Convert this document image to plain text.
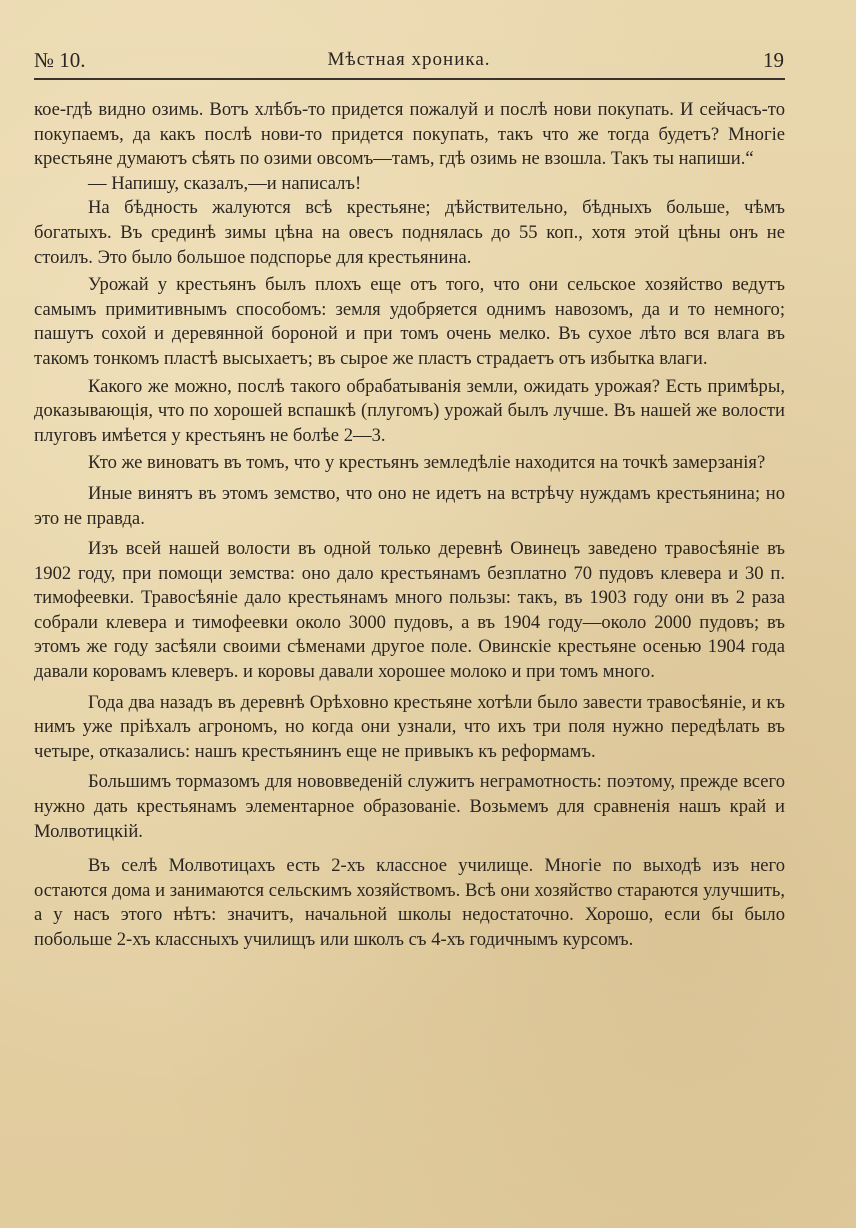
№ 10.	Мѣстная хроника.	19

кое-гдѣ видно озимь. Вотъ хлѣбъ-то придется пожалуй и послѣ нови покупать. И сейчасъ-то покупаемъ, да какъ послѣ нови-то придется покупать, такъ что же тогда будетъ? Многіе крестьяне думаютъ сѣять по озими овсомъ—тамъ, гдѣ озимь не взошла. Такъ ты напиши.“

— Напишу, сказалъ,—и написалъ!

На бѣдность жалуются всѣ крестьяне; дѣйствительно, бѣдныхъ больше, чѣмъ богатыхъ. Въ срединѣ зимы цѣна на овесъ поднялась до 55 коп., хотя этой цѣны онъ не стоилъ. Это было большое подспорье для крестьянина.

Урожай у крестьянъ былъ плохъ еще отъ того, что они сельское хозяйство ведутъ самымъ примитивнымъ способомъ: земля удобряется однимъ навозомъ, да и то немного; пашутъ сохой и деревянной бороной и при томъ очень мелко. Въ сухое лѣто вся влага въ такомъ тонкомъ пластѣ высыхаетъ; въ сырое же пластъ страдаетъ отъ избытка влаги.

Какого же можно, послѣ такого обрабатыванія земли, ожидать урожая? Есть примѣры, доказывающія, что по хорошей вспашкѣ (плугомъ) урожай былъ лучше. Въ нашей же волости плуговъ имѣется у крестьянъ не болѣе 2—3.

Кто же виноватъ въ томъ, что у крестьянъ земледѣліе находится на точкѣ замерзанія?

Иные винятъ въ этомъ земство, что оно не идетъ на встрѣчу нуждамъ крестьянина; но это не правда.

Изъ всей нашей волости въ одной только деревнѣ Овинецъ заведено травосѣяніе въ 1902 году, при помощи земства: оно дало крестьянамъ безплатно 70 пудовъ клевера и 30 п. тимофеевки. Травосѣяніе дало крестьянамъ много пользы: такъ, въ 1903 году они въ 2 раза собрали клевера и тимофеевки около 3000 пудовъ, а въ 1904 году—около 2000 пудовъ; въ этомъ же году засѣяли своими сѣменами другое поле. Овинскіе крестьяне осенью 1904 года давали коровамъ клеверъ. и коровы давали хорошее молоко и при томъ много.

Года два назадъ въ деревнѣ Орѣховно крестьяне хотѣли было завести травосѣяніе, и къ нимъ уже пріѣхалъ агрономъ, но когда они узнали, что ихъ три поля нужно передѣлать въ четыре, отказались: нашъ крестьянинъ еще не привыкъ къ реформамъ.

Большимъ тормазомъ для нововведеній служитъ неграмотность: поэтому, прежде всего нужно дать крестьянамъ элементарное образованіе. Возьмемъ для сравненія нашъ край и Молвотицкій.

Въ селѣ Молвотицахъ есть 2-хъ классное училище. Многіе по выходѣ изъ него остаются дома и занимаются сельскимъ хозяйствомъ. Всѣ они хозяйство стараются улучшить, а у насъ этого нѣтъ: значитъ, начальной школы недостаточно. Хорошо, если бы было побольше 2-хъ классныхъ училищъ или школъ съ 4-хъ годичнымъ курсомъ.
